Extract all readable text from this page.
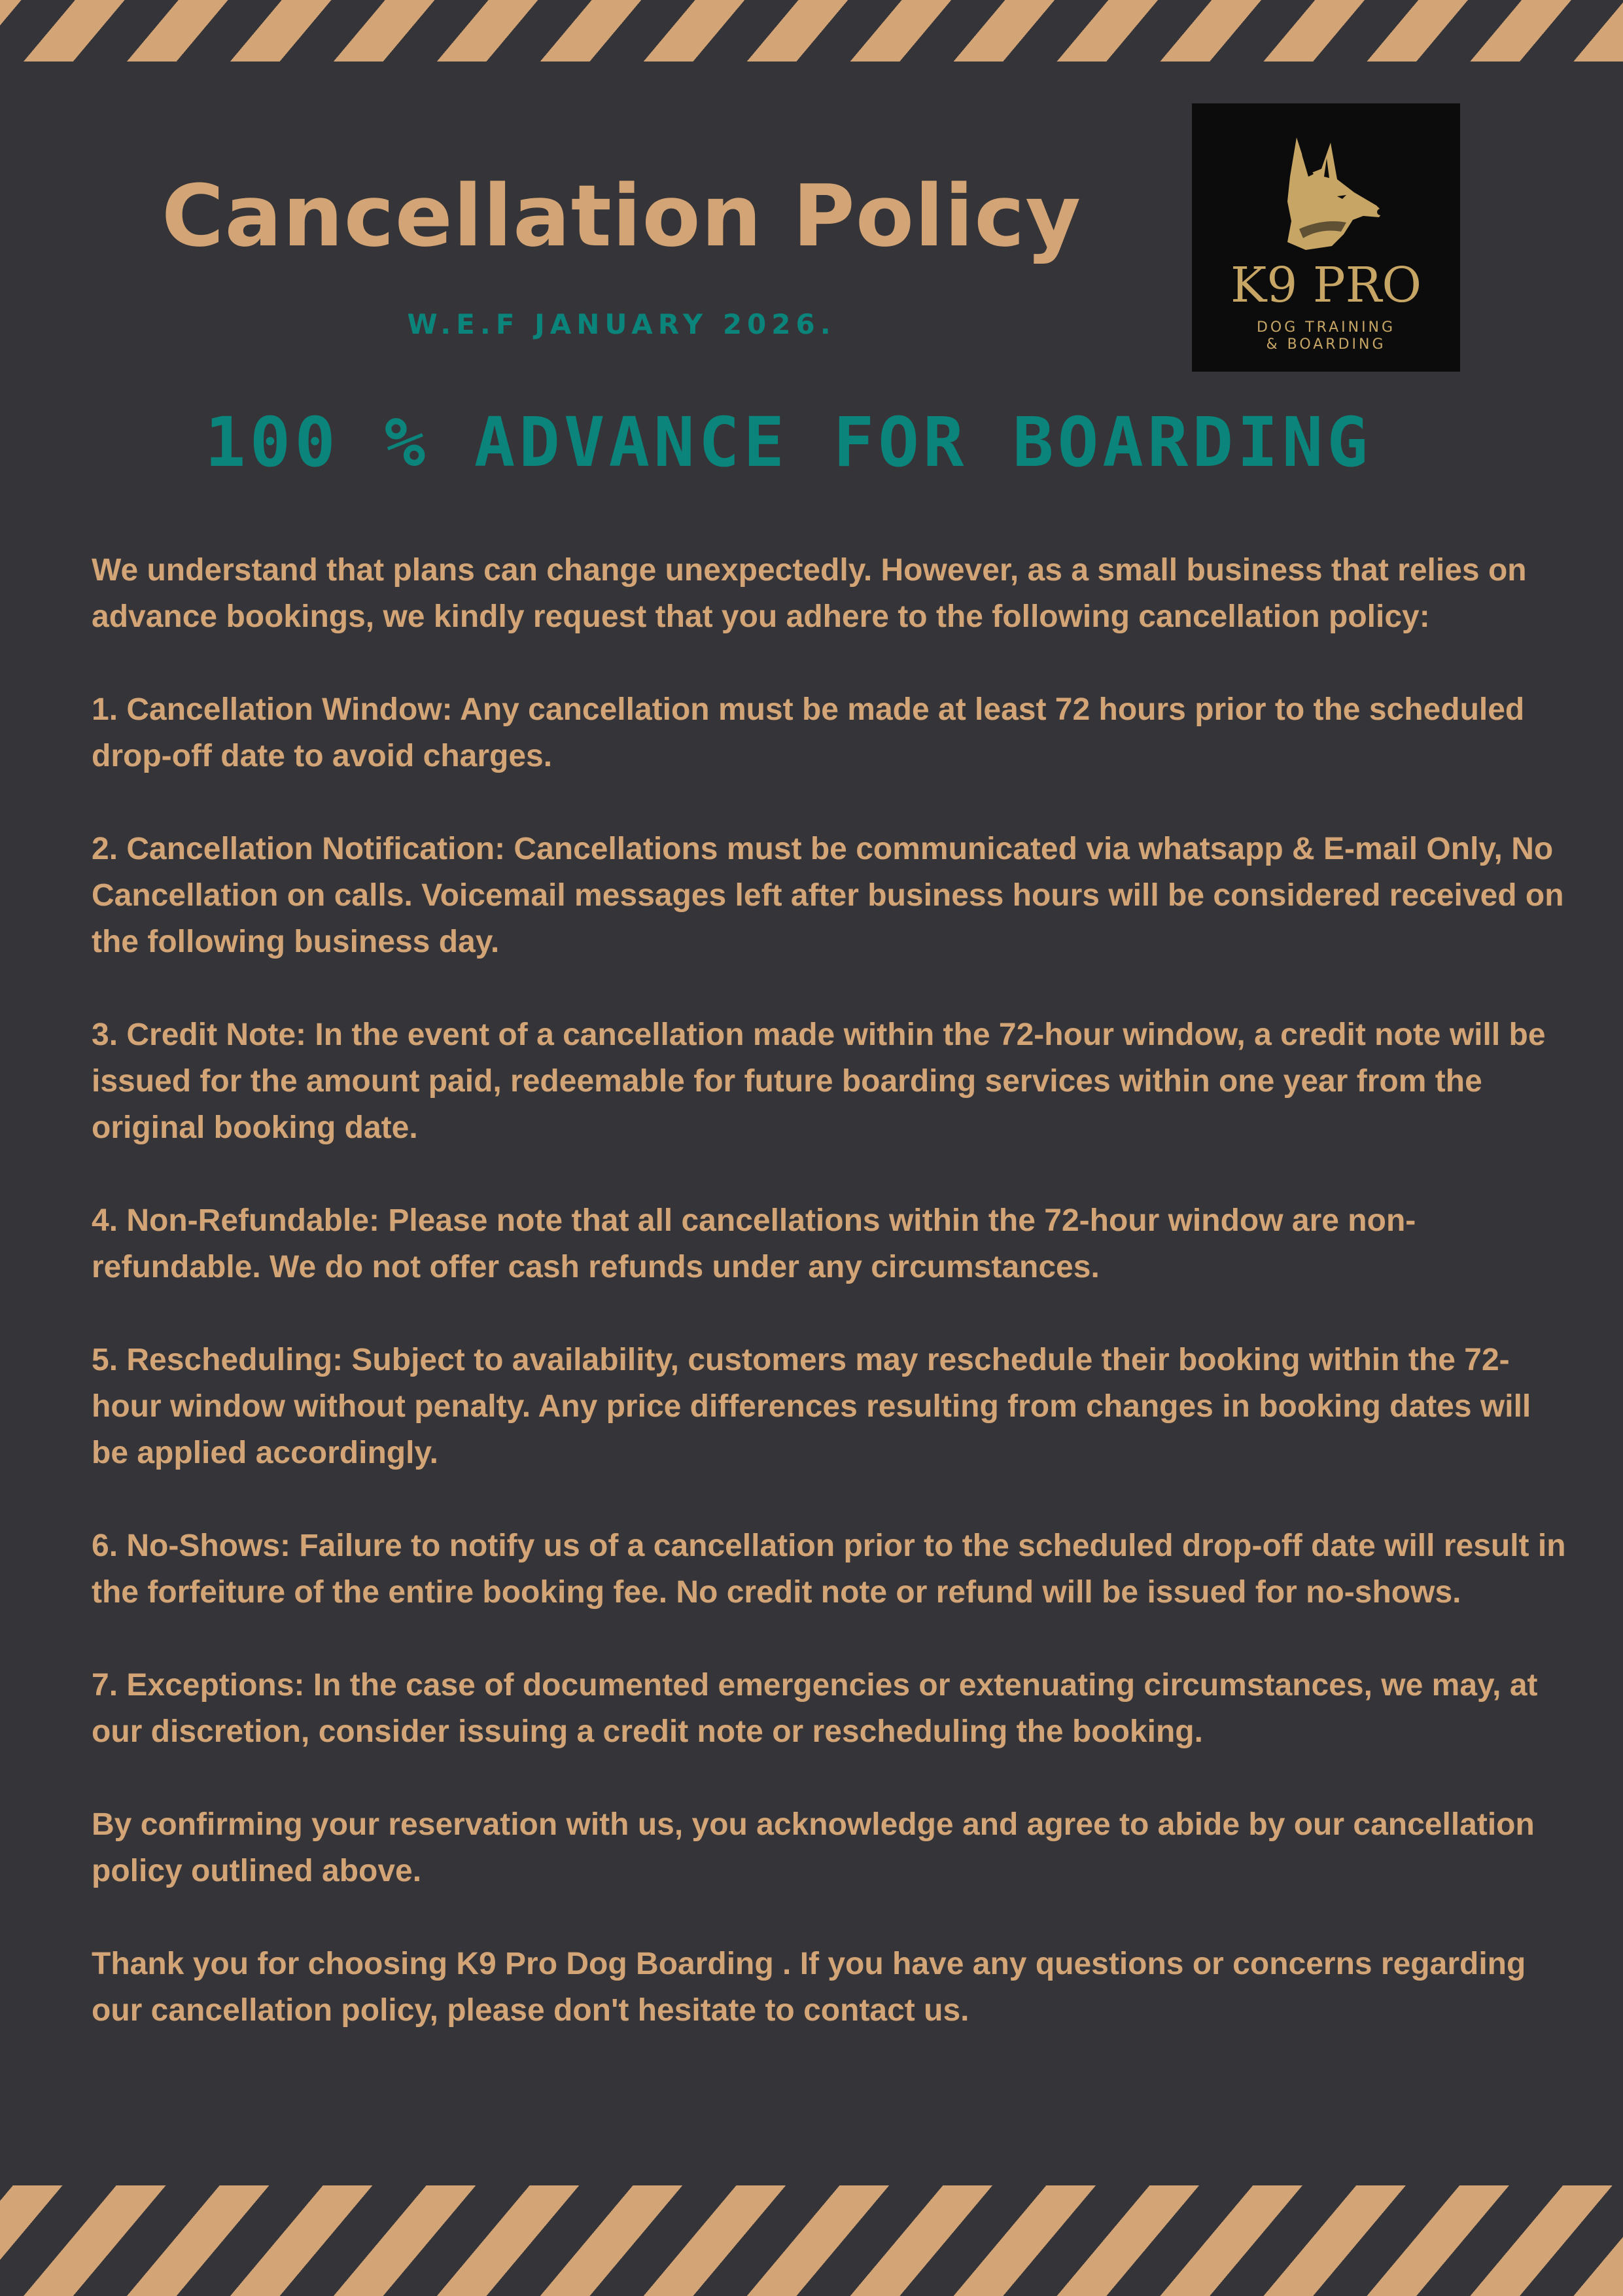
Cancellation Policy
W.E.F JANUARY 2026.
K9 PRO
DOG TRAINING
& BOARDING
100 % ADVANCE FOR BOARDING

We understand that plans can change unexpectedly. However, as a small business that relies on advance bookings, we kindly request that you adhere to the following cancellation policy:

1. Cancellation Window: Any cancellation must be made at least 72 hours prior to the scheduled drop-off date to avoid charges.

2. Cancellation Notification: Cancellations must be communicated via whatsapp & E-mail Only, No Cancellation on calls. Voicemail messages left after business hours will be considered received on the following business day.

3. Credit Note: In the event of a cancellation made within the 72-hour window, a credit note will be issued for the amount paid, redeemable for future boarding services within one year from the original booking date.

4. Non-Refundable: Please note that all cancellations within the 72-hour window are non-refundable. We do not offer cash refunds under any circumstances.

5. Rescheduling: Subject to availability, customers may reschedule their booking within the 72-hour window without penalty. Any price differences resulting from changes in booking dates will be applied accordingly.

6. No-Shows: Failure to notify us of a cancellation prior to the scheduled drop-off date will result in the forfeiture of the entire booking fee. No credit note or refund will be issued for no-shows.

7. Exceptions: In the case of documented emergencies or extenuating circumstances, we may, at our discretion, consider issuing a credit note or rescheduling the booking.

By confirming your reservation with us, you acknowledge and agree to abide by our cancellation policy outlined above.

Thank you for choosing K9 Pro Dog Boarding . If you have any questions or concerns regarding our cancellation policy, please don't hesitate to contact us.
